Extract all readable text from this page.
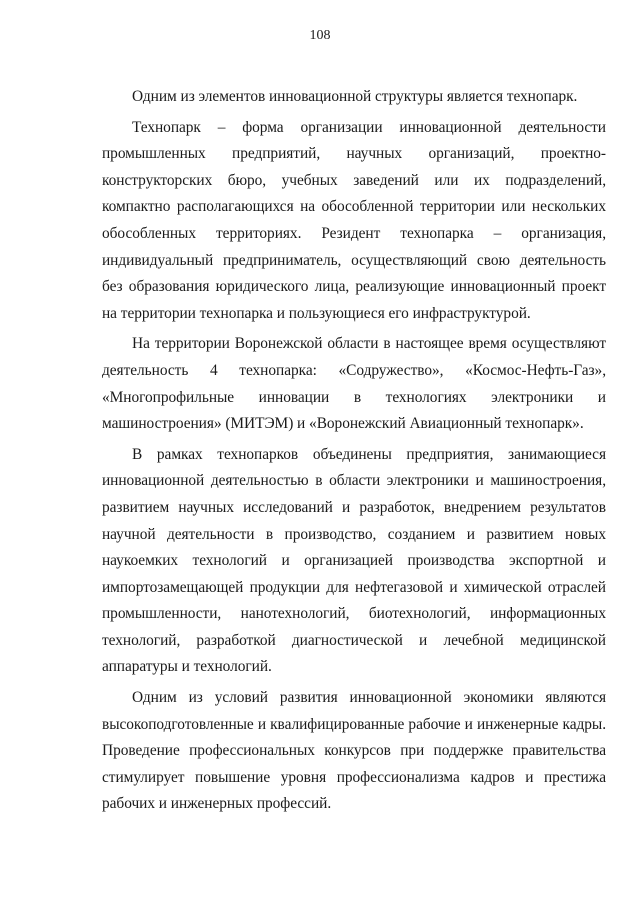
108

Одним из элементов инновационной структуры является технопарк.

Технопарк – форма организации инновационной деятельности промышленных предприятий, научных организаций, проектно-конструкторских бюро, учебных заведений или их подразделений, компактно располагающихся на обособленной территории или нескольких обособленных территориях. Резидент технопарка – организация, индивидуальный предприниматель, осуществляющий свою деятельность без образования юридического лица, реализующие инновационный проект на территории технопарка и пользующиеся его инфраструктурой.

На территории Воронежской области в настоящее время осуществляют деятельность 4 технопарка: «Содружество», «Космос-Нефть-Газ», «Многопрофильные инновации в технологиях электроники и машиностроения» (МИТЭМ) и «Воронежский Авиационный технопарк».

В рамках технопарков объединены предприятия, занимающиеся инновационной деятельностью в области электроники и машиностроения, развитием научных исследований и разработок, внедрением результатов научной деятельности в производство, созданием и развитием новых наукоемких технологий и организацией производства экспортной и импортозамещающей продукции для нефтегазовой и химической отраслей промышленности, нанотехнологий, биотехнологий, информационных технологий, разработкой диагностической и лечебной медицинской аппаратуры и технологий.

Одним из условий развития инновационной экономики являются высокоподготовленные и квалифицированные рабочие и инженерные кадры. Проведение профессиональных конкурсов при поддержке правительства стимулирует повышение уровня профессионализма кадров и престижа рабочих и инженерных профессий.
